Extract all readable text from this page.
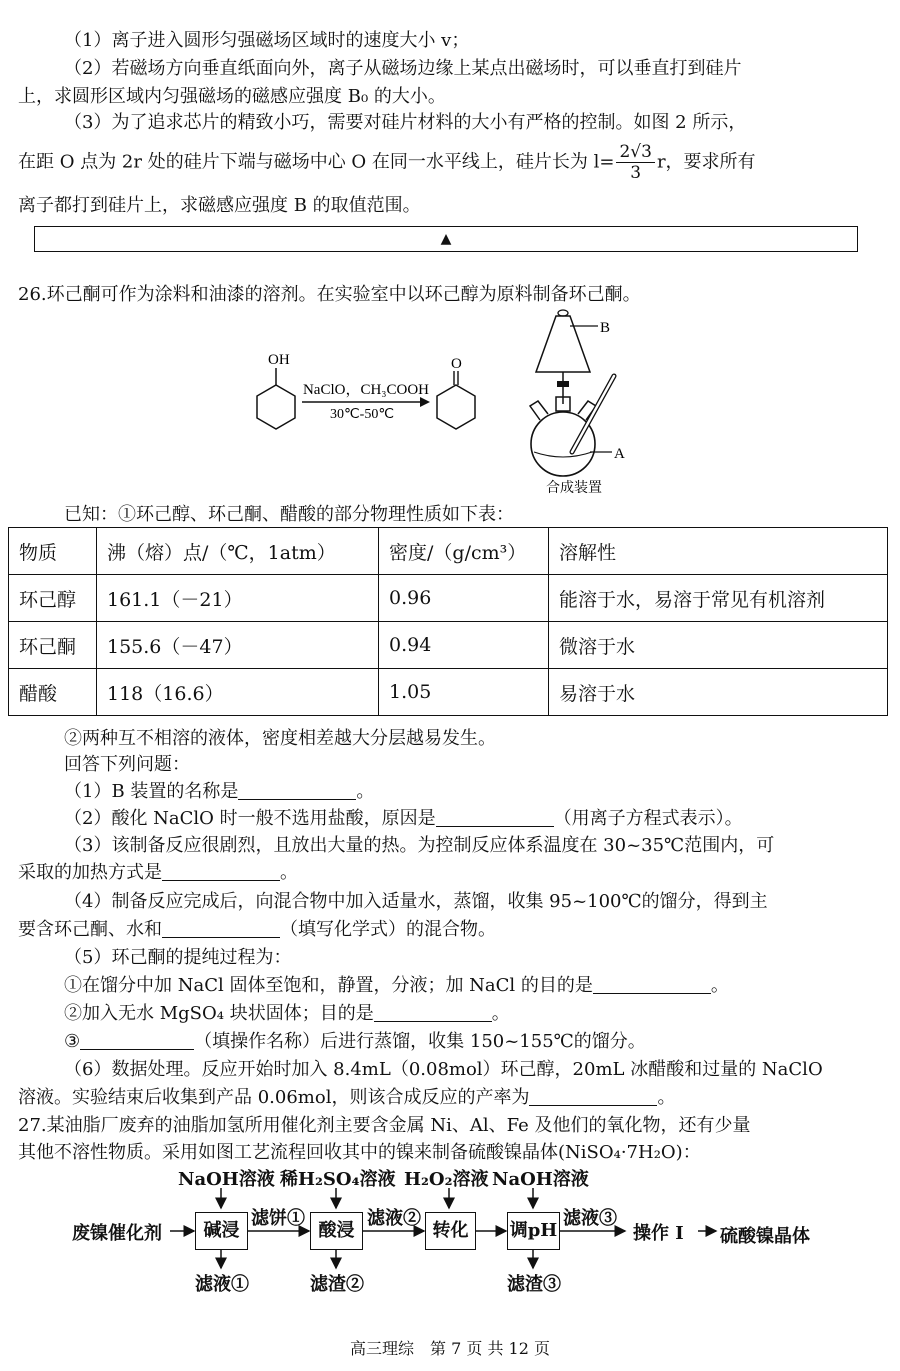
（1）离子进入圆形匀强磁场区域时的速度大小 v；
（2）若磁场方向垂直纸面向外，离子从磁场边缘上某点出磁场时，可以垂直打到硅片
上，求圆形区域内匀强磁场的磁感应强度 B₀ 的大小。
（3）为了追求芯片的精致小巧，需要对硅片材料的大小有严格的控制。如图 2 所示，
在距 O 点为 2r 处的硅片下端与磁场中心 O 在同一水平线上，硅片长为 $l= \frac{2√3}{3}$ r，要求所有
离子都打到硅片上，求磁感应强度 B 的取值范围。
▲
26.环己酮可作为涂料和油漆的溶剂。在实验室中以环己醇为原料制备环己酮。
OH
NaClO，CH₃COOH
30℃-50℃
O
B
A
合成装置
已知：①环己醇、环己酮、醋酸的部分物理性质如下表：
物质	沸（熔）点/（℃，1atm）	密度/（g/cm³）	溶解性
环己醇	161.1（－21）	0.96	能溶于水，易溶于常见有机溶剂
环己酮	155.6（－47）	0.94	微溶于水
醋酸	118（16.6）	1.05	易溶于水
②两种互不相溶的液体，密度相差越大分层越易发生。
回答下列问题：
（1）B 装置的名称是	。
（2）酸化 NaClO 时一般不选用盐酸，原因是	（用离子方程式表示）。
（3）该制备反应很剧烈，且放出大量的热。为控制反应体系温度在 30~35℃范围内，可
采取的加热方式是	。
（4）制备反应完成后，向混合物中加入适量水，蒸馏，收集 95~100℃的馏分，得到主
要含环己酮、水和	（填写化学式）的混合物。
（5）环己酮的提纯过程为：
①在馏分中加 NaCl 固体至饱和，静置，分液；加 NaCl 的目的是	。
②加入无水 MgSO₄ 块状固体；目的是	。
③	（填操作名称）后进行蒸馏，收集 150~155℃的馏分。
（6）数据处理。反应开始时加入 8.4mL（0.08mol）环己醇，20mL 冰醋酸和过量的 NaClO
溶液。实验结束后收集到产品 0.06mol，则该合成反应的产率为	。
27.某油脂厂废弃的油脂加氢所用催化剂主要含金属 Ni、Al、Fe 及他们的氧化物，还有少量
其他不溶性物质。采用如图工艺流程回收其中的镍来制备硫酸镍晶体(NiSO₄·7H₂O)：
NaOH溶液 稀H₂SO₄溶液 H₂O₂溶液 NaOH溶液
废镍催化剂	碱浸
滤饼①
酸浸
滤液②
转化	调pH
滤液③
操作 I 硫酸镍晶体
滤液①	滤渣②	滤渣③
高三理综　第 7 页 共 12 页
